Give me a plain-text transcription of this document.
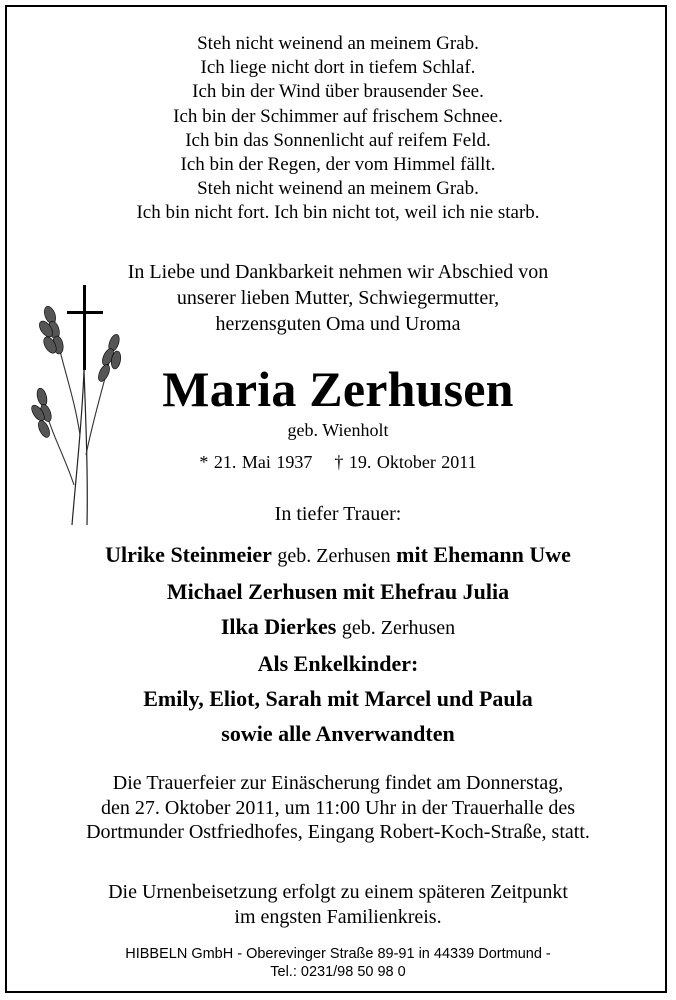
Steh nicht weinend an meinem Grab.
Ich liege nicht dort in tiefem Schlaf.
Ich bin der Wind über brausender See.
Ich bin der Schimmer auf frischem Schnee.
Ich bin das Sonnenlicht auf reifem Feld.
Ich bin der Regen, der vom Himmel fällt.
Steh nicht weinend an meinem Grab.
Ich bin nicht fort. Ich bin nicht tot, weil ich nie starb.
In Liebe und Dankbarkeit nehmen wir Abschied von
unserer lieben Mutter, Schwiegermutter,
herzensguten Oma und Uroma
Maria Zerhusen
geb. Wienholt
* 21. Mai 1937 † 19. Oktober 2011
In tiefer Trauer:
Ulrike Steinmeier geb. Zerhusen mit Ehemann Uwe
Michael Zerhusen mit Ehefrau Julia
Ilka Dierkes geb. Zerhusen
Als Enkelkinder:
Emily, Eliot, Sarah mit Marcel und Paula
sowie alle Anverwandten
Die Trauerfeier zur Einäscherung findet am Donnerstag,
den 27. Oktober 2011, um 11:00 Uhr in der Trauerhalle des
Dortmunder Ostfriedhofes, Eingang Robert-Koch-Straße, statt.
Die Urnenbeisetzung erfolgt zu einem späteren Zeitpunkt
im engsten Familienkreis.
HIBBELN GmbH - Oberevinger Straße 89-91 in 44339 Dortmund -
Tel.: 0231/98 50 98 0
